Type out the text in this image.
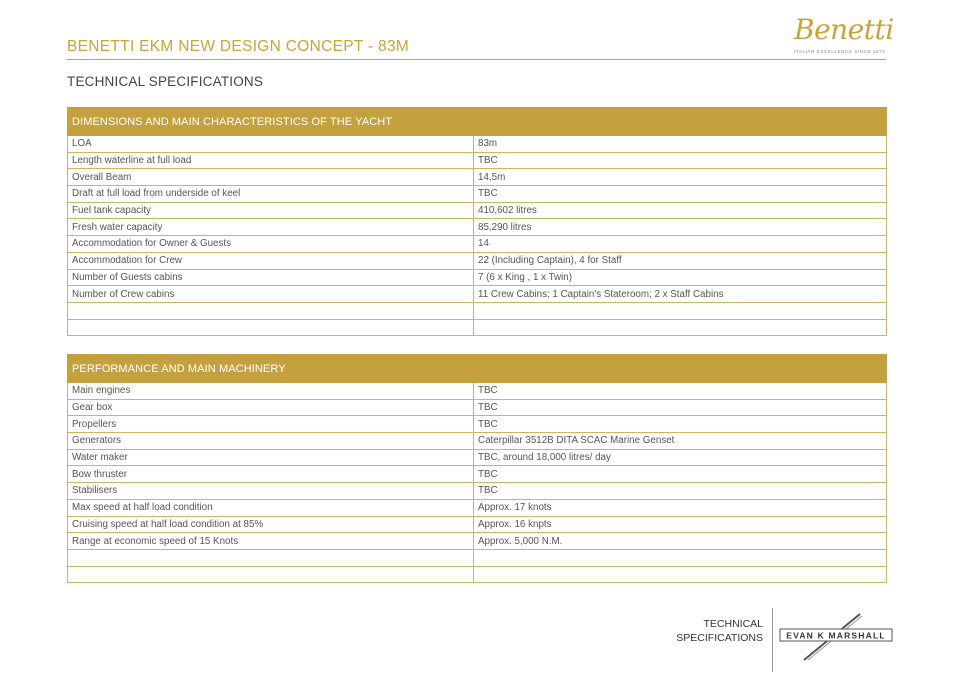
BENETTI EKM NEW DESIGN CONCEPT - 83M
Benetti
ITALIAN EXCELLENCE SINCE 1873
TECHNICAL SPECIFICATIONS
DIMENSIONS AND MAIN CHARACTERISTICS OF THE YACHT	
LOA	83m
Length waterline at full load	TBC
Overall Beam	14,5m
Draft at full load from underside of keel	TBC
Fuel tank capacity	410,602 litres
Fresh water capacity	85,290 litres
Accommodation for Owner & Guests	14
Accommodation for Crew	22 (Including Captain), 4 for Staff
Number of Guests cabins	7 (6 x King , 1 x Twin)
Number of Crew cabins	11 Crew Cabins; 1 Captain's Stateroom; 2 x Staff Cabins

PERFORMANCE AND MAIN MACHINERY	
Main engines	TBC
Gear box	TBC
Propellers	TBC
Generators	Caterpillar 3512B DITA SCAC Marine Genset
Water maker	TBC, around 18,000 litres/ day
Bow thruster	TBC
Stabilisers	TBC
Max speed at half load condition	Approx. 17 knots
Cruising speed at half load condition at 85%	Approx. 16 knpts
Range at economic speed of 15 Knots	Approx. 5,000 N.M.

TECHNICAL
SPECIFICATIONS	EVAN K MARSHALL
